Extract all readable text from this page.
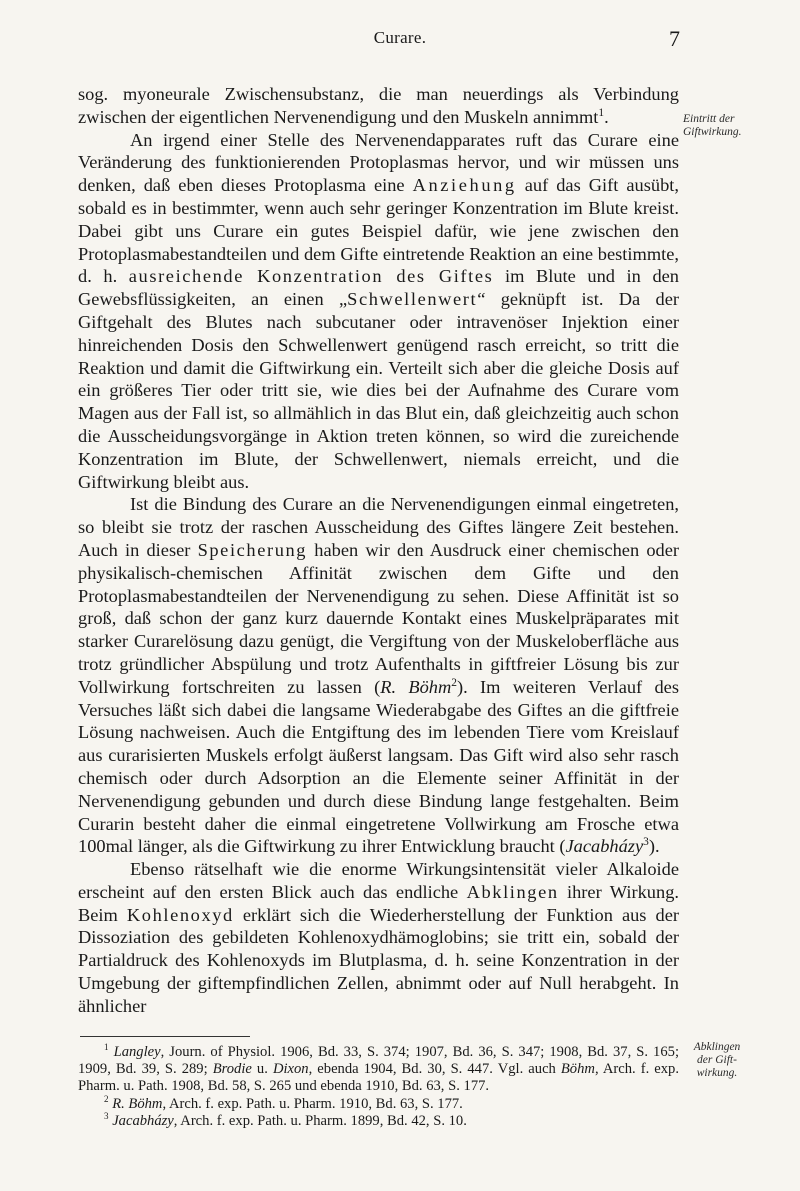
Curare.	7
Eintritt der
Giftwirkung.
Abklingen
der Gift-
wirkung.

sog. myoneurale Zwischensubstanz, die man neuerdings als Verbindung zwischen der eigentlichen Nervenendigung und den Muskeln annimmt$^1$.

An irgend einer Stelle des Nervenendapparates ruft das Curare eine Veränderung des funktionierenden Protoplasmas hervor, und wir müssen uns denken, daß eben dieses Protoplasma eine Anziehung auf das Gift ausübt, sobald es in bestimmter, wenn auch sehr geringer Konzentration im Blute kreist. Dabei gibt uns Curare ein gutes Beispiel dafür, wie jene zwischen den Protoplasmabestandteilen und dem Gifte eintretende Reaktion an eine bestimmte, d. h. ausreichende Konzentration des Giftes im Blute und in den Gewebsflüssigkeiten, an einen „Schwellenwert“ geknüpft ist. Da der Giftgehalt des Blutes nach subcutaner oder intravenöser Injektion einer hinreichenden Dosis den Schwellenwert genügend rasch erreicht, so tritt die Reaktion und damit die Giftwirkung ein. Verteilt sich aber die gleiche Dosis auf ein größeres Tier oder tritt sie, wie dies bei der Aufnahme des Curare vom Magen aus der Fall ist, so allmählich in das Blut ein, daß gleichzeitig auch schon die Ausscheidungsvorgänge in Aktion treten können, so wird die zureichende Konzentration im Blute, der Schwellenwert, niemals erreicht, und die Giftwirkung bleibt aus.

Ist die Bindung des Curare an die Nervenendigungen einmal eingetreten, so bleibt sie trotz der raschen Ausscheidung des Giftes längere Zeit bestehen. Auch in dieser Speicherung haben wir den Ausdruck einer chemischen oder physikalisch-chemischen Affinität zwischen dem Gifte und den Protoplasmabestandteilen der Nervenendigung zu sehen. Diese Affinität ist so groß, daß schon der ganz kurz dauernde Kontakt eines Muskelpräparates mit starker Curarelösung dazu genügt, die Vergiftung von der Muskeloberfläche aus trotz gründlicher Abspülung und trotz Aufenthalts in giftfreier Lösung bis zur Vollwirkung fortschreiten zu lassen (R. Böhm$^2$). Im weiteren Verlauf des Versuches läßt sich dabei die langsame Wiederabgabe des Giftes an die giftfreie Lösung nachweisen. Auch die Entgiftung des im lebenden Tiere vom Kreislauf aus curarisierten Muskels erfolgt äußerst langsam. Das Gift wird also sehr rasch chemisch oder durch Adsorption an die Elemente seiner Affinität in der Nervenendigung gebunden und durch diese Bindung lange festgehalten. Beim Curarin besteht daher die einmal eingetretene Vollwirkung am Frosche etwa 100mal länger, als die Giftwirkung zu ihrer Entwicklung braucht (Jacabházy$^3$).

Ebenso rätselhaft wie die enorme Wirkungsintensität vieler Alkaloide erscheint auf den ersten Blick auch das endliche Abklingen ihrer Wirkung. Beim Kohlenoxyd erklärt sich die Wiederherstellung der Funktion aus der Dissoziation des gebildeten Kohlenoxydhämoglobins; sie tritt ein, sobald der Partialdruck des Kohlenoxyds im Blutplasma, d. h. seine Konzentration in der Umgebung der giftempfindlichen Zellen, abnimmt oder auf Null herabgeht. In ähnlicher

$^1$ Langley, Journ. of Physiol. 1906, Bd. 33, S. 374; 1907, Bd. 36, S. 347; 1908, Bd. 37, S. 165; 1909, Bd. 39, S. 289; Brodie u. Dixon, ebenda 1904, Bd. 30, S. 447. Vgl. auch Böhm, Arch. f. exp. Pharm. u. Path. 1908, Bd. 58, S. 265 und ebenda 1910, Bd. 63, S. 177.

$^2$ R. Böhm, Arch. f. exp. Path. u. Pharm. 1910, Bd. 63, S. 177.

$^3$ Jacabházy, Arch. f. exp. Path. u. Pharm. 1899, Bd. 42, S. 10.
